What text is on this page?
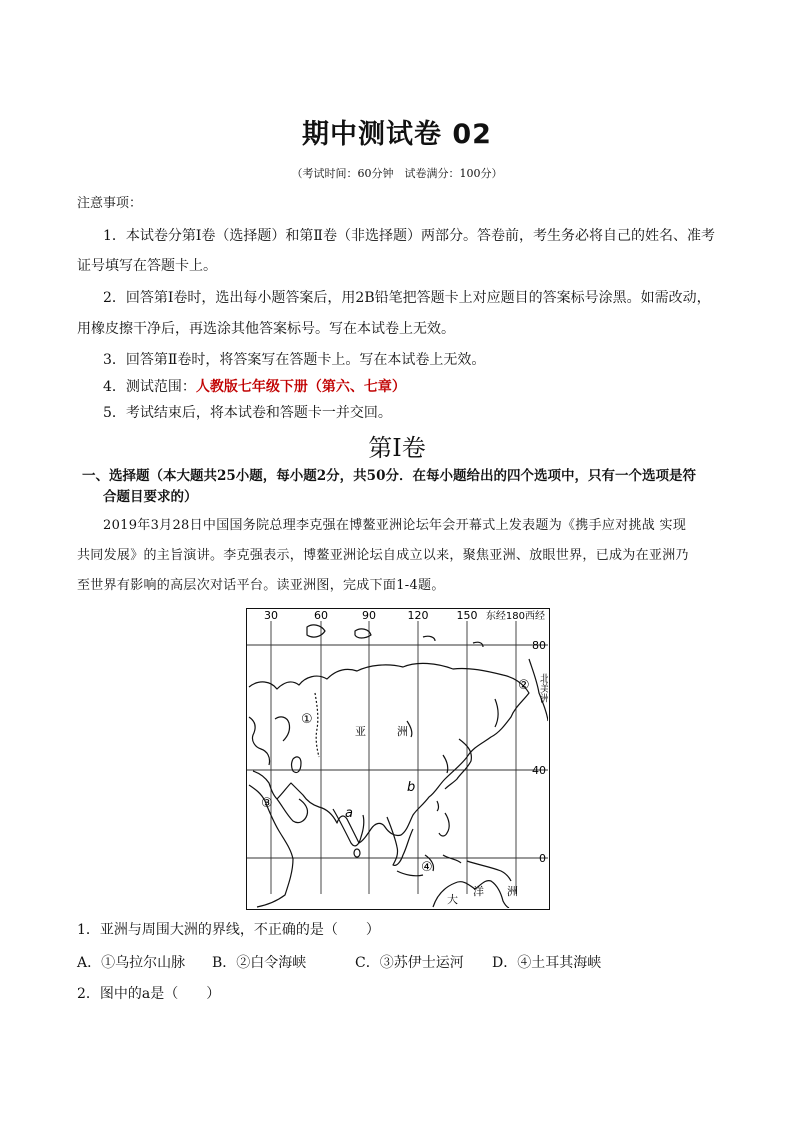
期中测试卷 02
（考试时间：60分钟　试卷满分：100分）
注意事项：
1．本试卷分第Ⅰ卷（选择题）和第Ⅱ卷（非选择题）两部分。答卷前，考生务必将自己的姓名、准考
证号填写在答题卡上。
2．回答第Ⅰ卷时，选出每小题答案后，用2B铅笔把答题卡上对应题目的答案标号涂黑。如需改动，
用橡皮擦干净后，再选涂其他答案标号。写在本试卷上无效。
3．回答第Ⅱ卷时，将答案写在答题卡上。写在本试卷上无效。
4．测试范围：人教版七年级下册（第六、七章）
5．考试结束后，将本试卷和答题卡一并交回。
第Ⅰ卷
一、选择题（本大题共25小题，每小题2分，共50分．在每小题给出的四个选项中，只有一个选项是符
合题目要求的）
2019年3月28日中国国务院总理李克强在博鳌亚洲论坛年会开幕式上发表题为《携手应对挑战 实现
共同发展》的主旨演讲。李克强表示，博鳌亚洲论坛自成立以来，聚焦亚洲、放眼世界，已成为在亚洲乃
至世界有影响的高层次对话平台。读亚洲图，完成下面1-4题。
30	60	90	120	150 东经180西经
80
40
0
北美洲
亚	洲
大
洋 洲
①
②
③
④
a
b
1．亚洲与周围大洲的界线，不正确的是（　　）
A．①乌拉尔山脉 B．②白令海峡	C．③苏伊士运河 D．④土耳其海峡
2．图中的a是（　　）
